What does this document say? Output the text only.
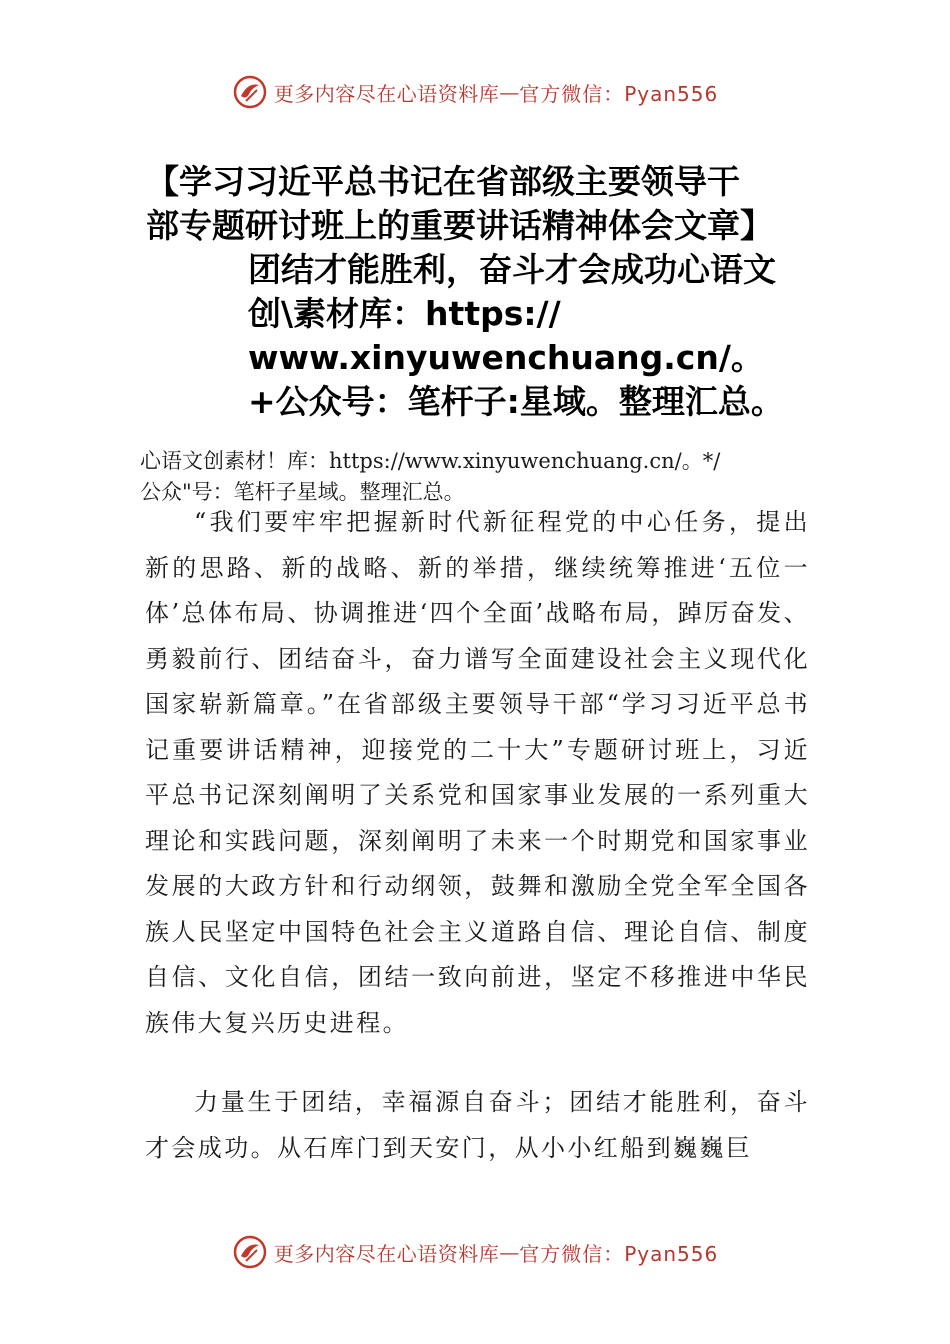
更多内容尽在心语资料库 — 官方微信：Pyan556
【学习习近平总书记在省部级主要领导干
部专题研讨班上的重要讲话精神体会文章】
团结才能胜利，奋斗才会成功心语文
创\素材库：https://
www.xinyuwenchuang.cn/。
+公众号：笔杆子:星域。整理汇总。
心语文创素材！库：https://www.xinyuwenchuang.cn/。*/
公众"号：笔杆子星域。整理汇总。

“我们要牢牢把握新时代新征程党的中心任务，提出新的思路、新的战略、新的举措，继续统筹推进‘五位一体’总体布局、协调推进‘四个全面’战略布局，踔厉奋发、勇毅前行、团结奋斗，奋力谱写全面建设社会主义现代化国家崭新篇章。”在省部级主要领导干部“学习习近平总书记重要讲话精神，迎接党的二十大”专题研讨班上，习近平总书记深刻阐明了关系党和国家事业发展的一系列重大理论和实践问题，深刻阐明了未来一个时期党和国家事业发展的大政方针和行动纲领，鼓舞和激励全党全军全国各族人民坚定中国特色社会主义道路自信、理论自信、制度自信、文化自信，团结一致向前进，坚定不移推进中华民族伟大复兴历史进程。

力量生于团结，幸福源自奋斗；团结才能胜利，奋斗才会成功。从石库门到天安门，从小小红船到巍巍巨

更多内容尽在心语资料库 — 官方微信：Pyan556
